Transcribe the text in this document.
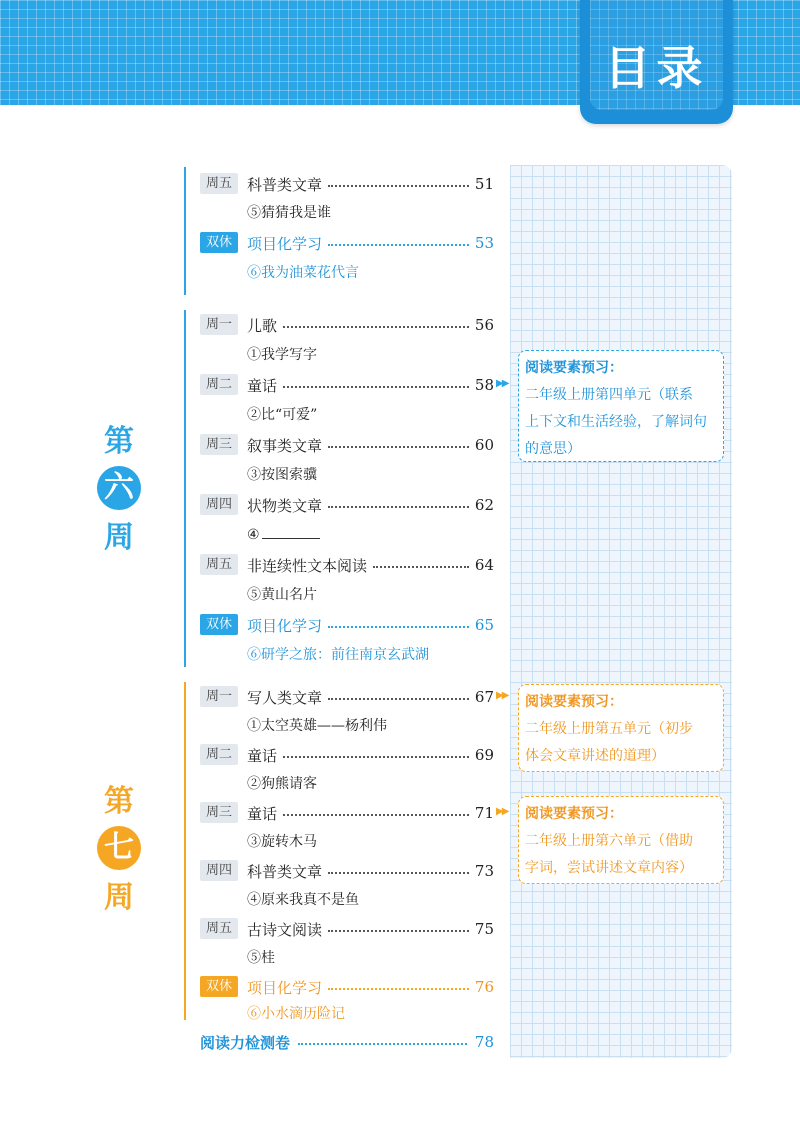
目录
第
六
周
第
七
周
周五	科普类文章	51
⑤猜猜我是谁
双休	项目化学习	53
⑥我为油菜花代言
周一	儿歌	56
①我学写字
周二	童话	58
②比“可爱”
周三	叙事类文章	60
③按图索骥
周四	状物类文章	62
④
周五	非连续性文本阅读	64
⑤黄山名片
双休	项目化学习	65
⑥研学之旅：前往南京玄武湖
▶▶
阅读要素预习：
二年级上册第四单元（联系
上下文和生活经验，了解词句
的意思）
周一	写人类文章	67
①太空英雄——杨利伟
周二	童话	69
②狗熊请客
周三	童话	71
③旋转木马
周四	科普类文章	73
④原来我真不是鱼
周五	古诗文阅读	75
⑤桂
双休	项目化学习	76
⑥小水滴历险记
▶▶ 阅读要素预习：
二年级上册第五单元（初步
体会文章讲述的道理）
▶▶ 阅读要素预习：
二年级上册第六单元（借助
字词，尝试讲述文章内容）
阅读力检测卷	78
